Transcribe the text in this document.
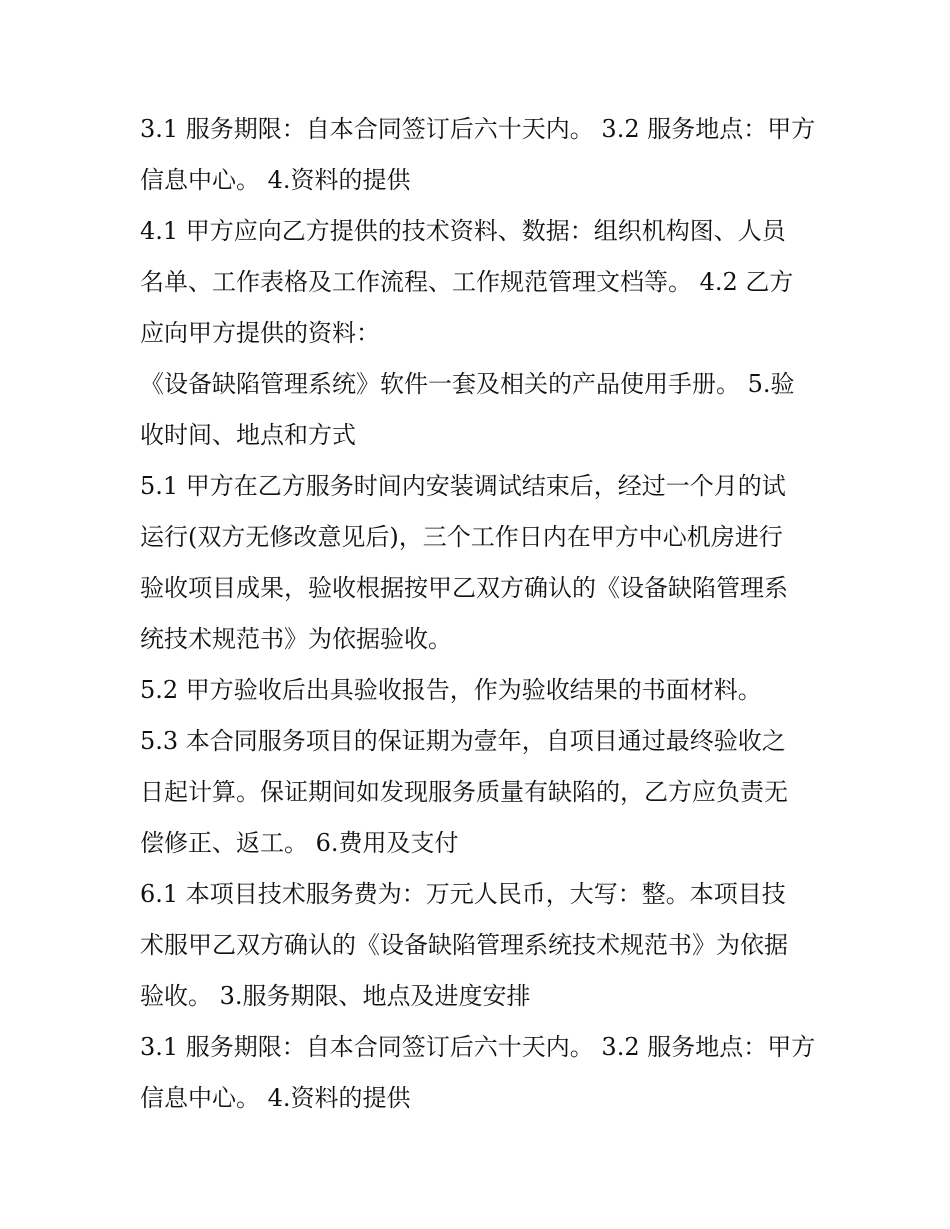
3.1 服务期限：自本合同签订后六十天内。 3.2 服务地点：甲方
信息中心。 4.资料的提供

4.1 甲方应向乙方提供的技术资料、数据：组织机构图、人员
名单、工作表格及工作流程、工作规范管理文档等。 4.2 乙方
应向甲方提供的资料：

《设备缺陷管理系统》软件一套及相关的产品使用手册。 5.验
收时间、地点和方式

5.1 甲方在乙方服务时间内安装调试结束后，经过一个月的试
运行(双方无修改意见后)，三个工作日内在甲方中心机房进行
验收项目成果，验收根据按甲乙双方确认的《设备缺陷管理系
统技术规范书》为依据验收。

5.2 甲方验收后出具验收报告，作为验收结果的书面材料。

5.3 本合同服务项目的保证期为壹年，自项目通过最终验收之
日起计算。保证期间如发现服务质量有缺陷的，乙方应负责无
偿修正、返工。 6.费用及支付

6.1 本项目技术服务费为：万元人民币，大写：整。本项目技
术服甲乙双方确认的《设备缺陷管理系统技术规范书》为依据
验收。 3.服务期限、地点及进度安排

3.1 服务期限：自本合同签订后六十天内。 3.2 服务地点：甲方
信息中心。 4.资料的提供
